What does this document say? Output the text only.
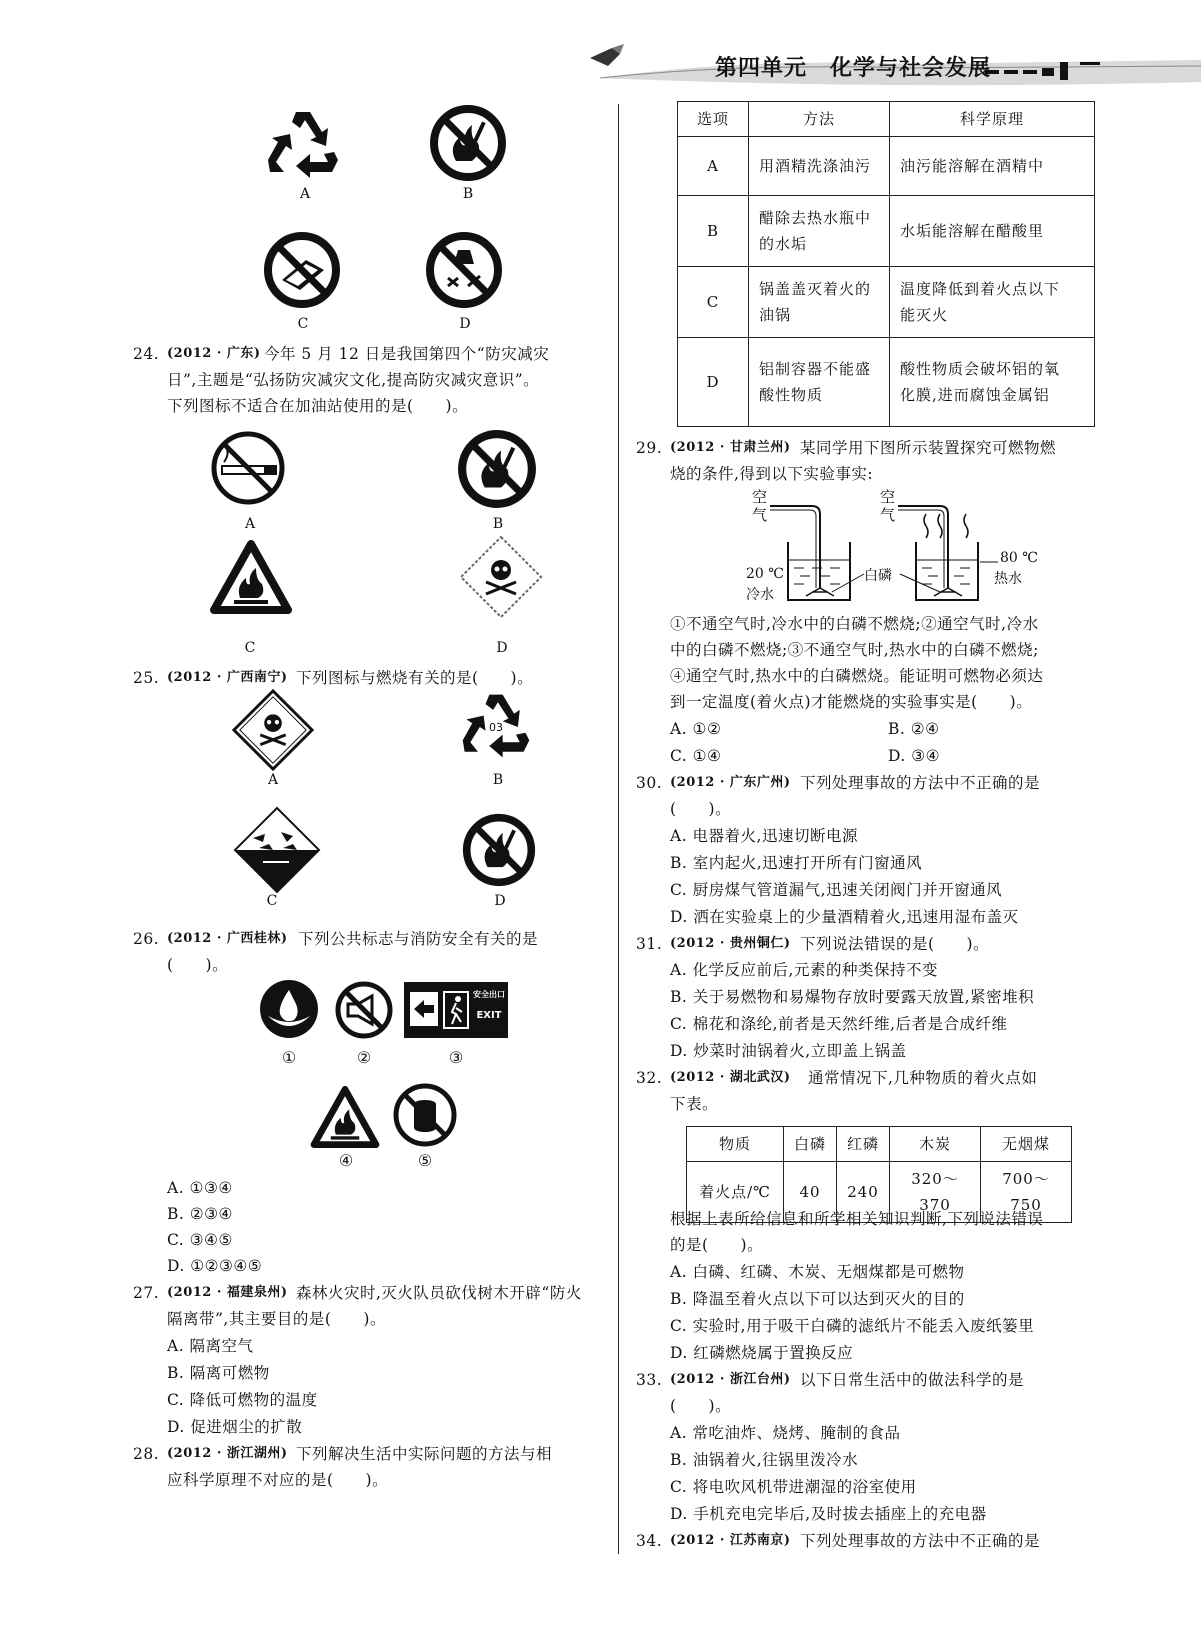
第四单元　化学与社会发展
A	B
C	D
24. (2012 · 广东) 今年 5 月 12 日是我国第四个“防灾减灾
日”,主题是“弘扬防灾减灾文化,提高防灾减灾意识”。
下列图标不适合在加油站使用的是(　　)。
A	B
C	D
25. (2012 · 广西南宁) 下列图标与燃烧有关的是(　　)。
03
A	B
C	D
26. (2012 · 广西桂林) 下列公共标志与消防安全有关的是
(　　)。
安全出口
EXIT
①	②	③
④	⑤
A. ①③④
B. ②③④
C. ③④⑤
D. ①②③④⑤
27. (2012 · 福建泉州) 森林火灾时,灭火队员砍伐树木开辟“防火
隔离带”,其主要目的是(　　)。
A. 隔离空气
B. 隔离可燃物
C. 降低可燃物的温度
D. 促进烟尘的扩散
28. (2012 · 浙江湖州) 下列解决生活中实际问题的方法与相
应科学原理不对应的是(　　)。
选项	方法	科学原理
A	用酒精洗涤油污	油污能溶解在酒精中
B	醋除去热水瓶中的水垢	水垢能溶解在醋酸里
C	锅盖盖灭着火的油锅	温度降低到着火点以下能灭火

D	铝制容器不能盛酸性物质	酸性物质会破坏铝的氧化膜,进而腐蚀金属铝
29. (2012 · 甘肃兰州) 某同学用下图所示装置探究可燃物燃
烧的条件,得到以下实验事实:
空气
空气
20 ℃
冷水
白磷
80 ℃
热水
①不通空气时,冷水中的白磷不燃烧;②通空气时,冷水
中的白磷不燃烧;③不通空气时,热水中的白磷不燃烧;
④通空气时,热水中的白磷燃烧。能证明可燃物必须达
到一定温度(着火点)才能燃烧的实验事实是(　　)。
A. ①②	B. ②④
C. ①④	D. ③④
30. (2012 · 广东广州) 下列处理事故的方法中不正确的是
(　　)。
A. 电器着火,迅速切断电源
B. 室内起火,迅速打开所有门窗通风
C. 厨房煤气管道漏气,迅速关闭阀门并开窗通风
D. 洒在实验桌上的少量酒精着火,迅速用湿布盖灭
31. (2012 · 贵州铜仁) 下列说法错误的是(　　)。
A. 化学反应前后,元素的种类保持不变
B. 关于易燃物和易爆物存放时要露天放置,紧密堆积
C. 棉花和涤纶,前者是天然纤维,后者是合成纤维
D. 炒菜时油锅着火,立即盖上锅盖
32. (2012 · 湖北武汉) 通常情况下,几种物质的着火点如
下表。
物质	白磷	红磷	木炭	无烟煤
着火点/℃	40	240	320～370	700～750
根据上表所给信息和所学相关知识判断,下列说法错误
的是(　　)。
A. 白磷、红磷、木炭、无烟煤都是可燃物
B. 降温至着火点以下可以达到灭火的目的
C. 实验时,用于吸干白磷的滤纸片不能丢入废纸篓里
D. 红磷燃烧属于置换反应
33. (2012 · 浙江台州) 以下日常生活中的做法科学的是
(　　)。
A. 常吃油炸、烧烤、腌制的食品
B. 油锅着火,往锅里泼冷水
C. 将电吹风机带进潮湿的浴室使用
D. 手机充电完毕后,及时拔去插座上的充电器
34. (2012 · 江苏南京) 下列处理事故的方法中不正确的是
